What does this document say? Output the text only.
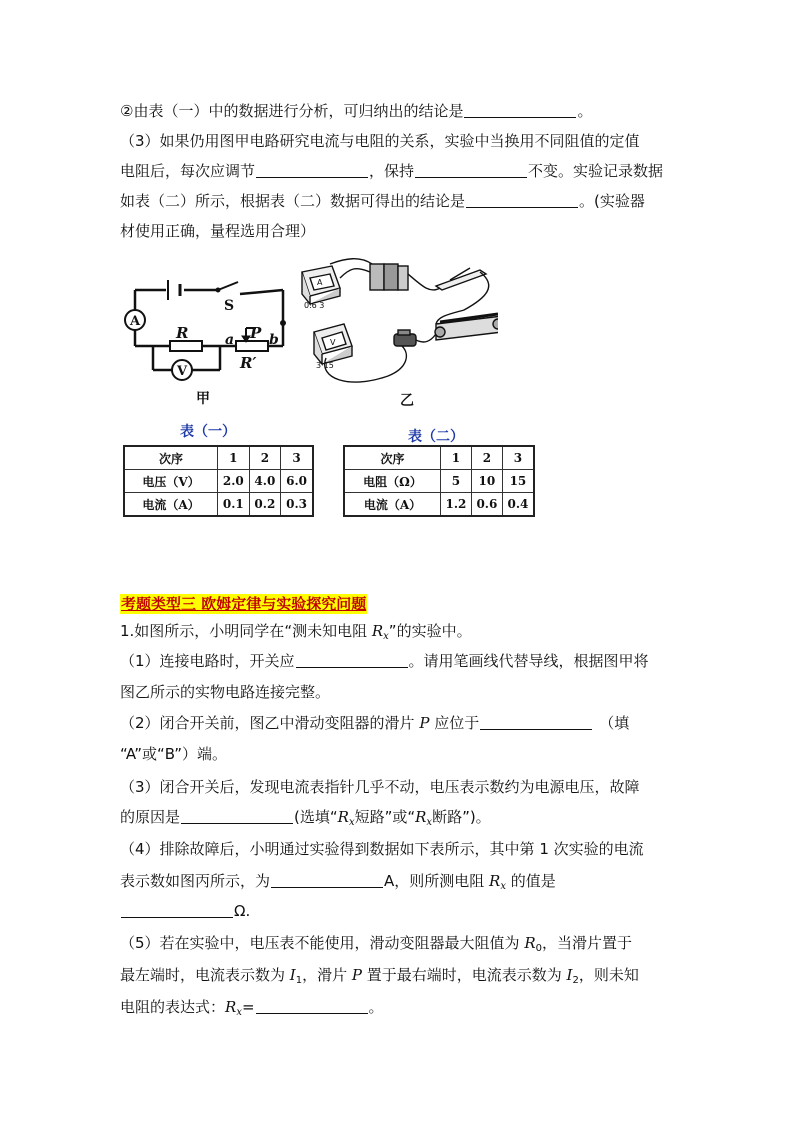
②由表（一）中的数据进行分析，可归纳出的结论是	。
（3）如果仍用图甲电路研究电流与电阻的关系，实验中当换用不同阻值的定值
电阻后，每次应调节	，保持	不变。实验记录数据
如表（二）所示，根据表（二）数据可得出的结论是	。(实验器
材使用正确，量程选用合理）
A
V
S
R	a b
P
R′
0.6 3
A
3 15
V
甲	乙
表（一）
次序	1	2	3
电压（V）	2.0	4.0	6.0
电流（A）	0.1	0.2	0.3
表（二）
次序	1	2	3
电阻（Ω）	5	10	15
电流（A）	1.2	0.6	0.4
考题类型三 欧姆定律与实验探究问题
1.如图所示，小明同学在“测未知电阻 $R_x$”的实验中。
（1）连接电路时，开关应	。请用笔画线代替导线，根据图甲将
图乙所示的实物电路连接完整。
（2）闭合开关前，图乙中滑动变阻器的滑片 P 应位于	（填
“A”或“B”）端。
（3）闭合开关后，发现电流表指针几乎不动，电压表示数约为电源电压，故障
的原因是	(选填“$R_x$短路”或“$R_x$断路”)。
（4）排除故障后，小明通过实验得到数据如下表所示，其中第 1 次实验的电流
表示数如图丙所示，为	A，则所测电阻 $R_x$ 的值是
Ω.
（5）若在实验中，电压表不能使用，滑动变阻器最大阻值为 $R_0$，当滑片置于
最左端时，电流表示数为 $I_1$，滑片 P 置于最右端时，电流表示数为 $I_2$，则未知
电阻的表达式：$R_x=$	。
